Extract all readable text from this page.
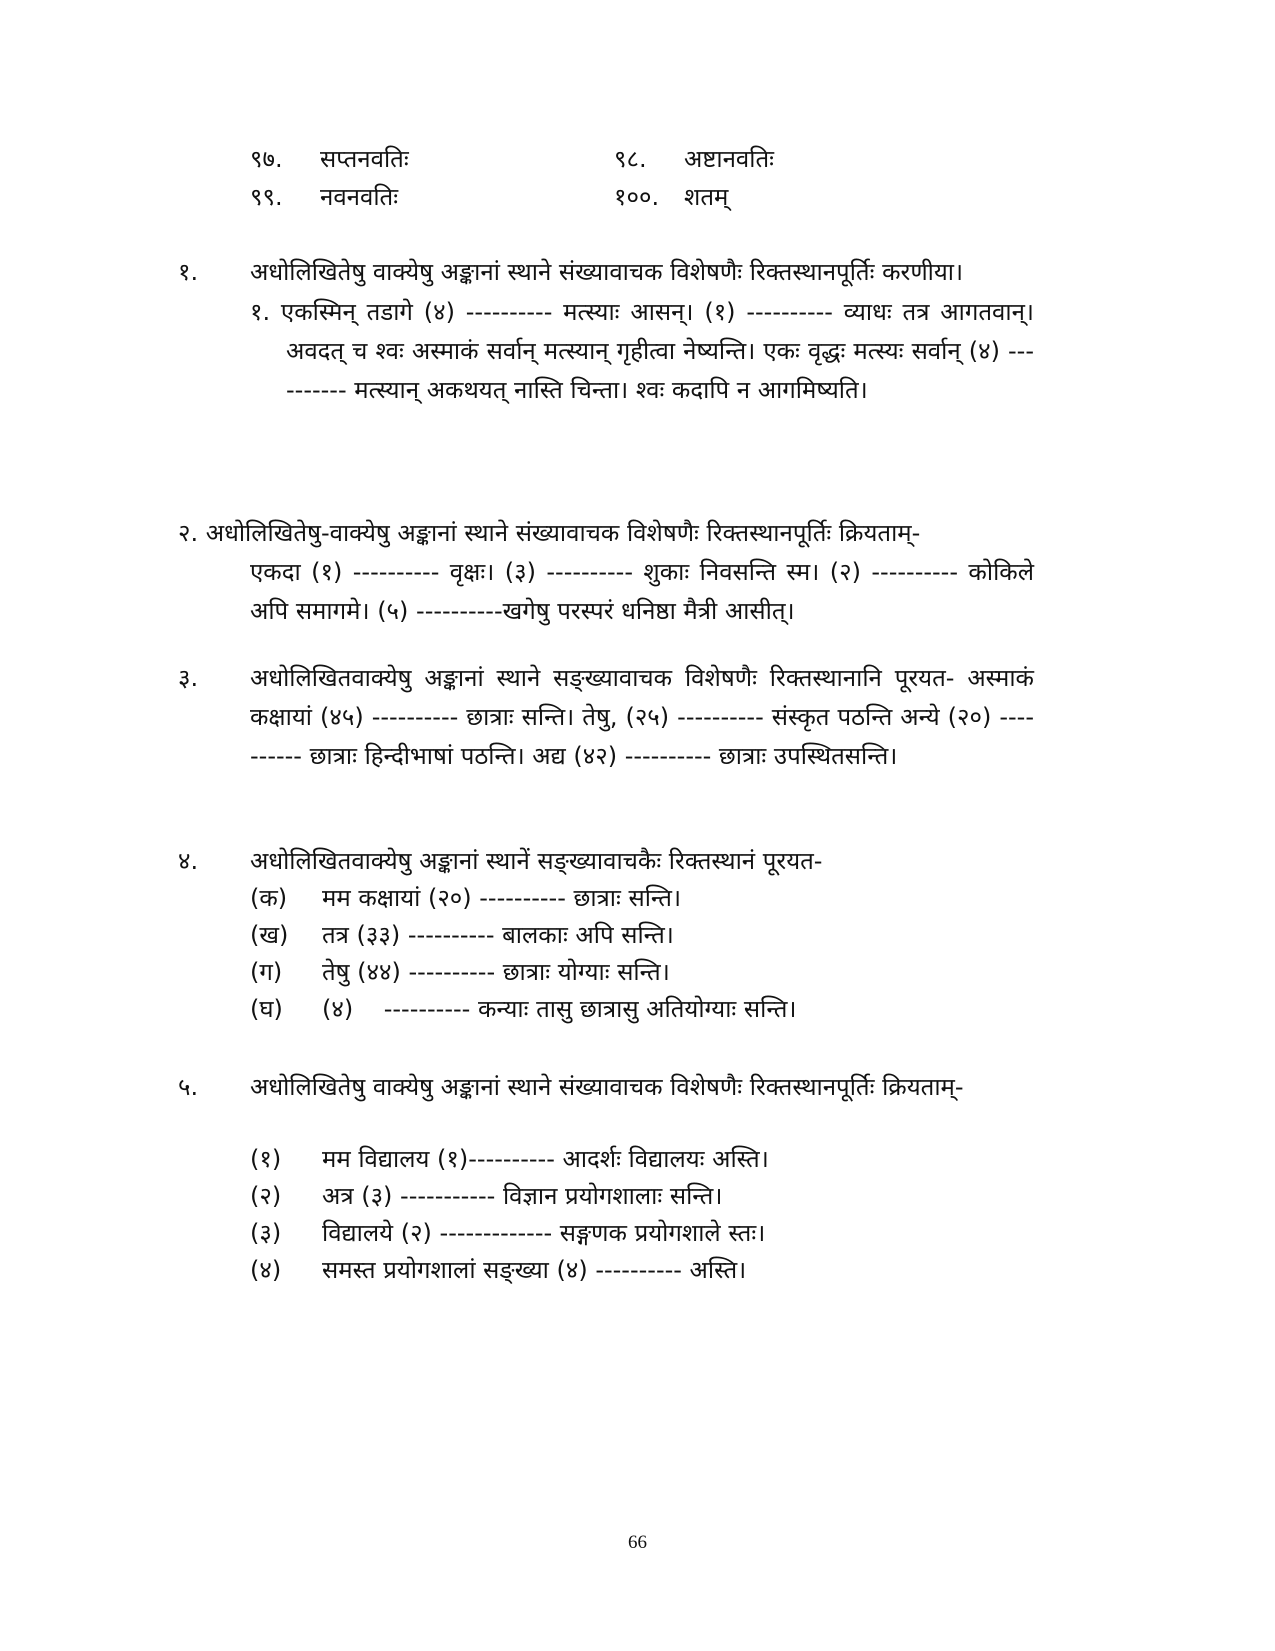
९७. सप्तनवतिः	९८. अष्टानवतिः
९९. नवनवतिः	१००. शतम्
१. अधोलिखितेषु वाक्येषु अङ्कानां स्थाने संख्यावाचक विशेषणैः रिक्तस्थानपूर्तिः करणीया।
१. एकस्मिन् तडागे (४) ---------- मत्स्याः आसन्। (१) ---------- व्याधः तत्र आगतवान्। अवदत् च श्वः अस्माकं सर्वान् मत्स्यान् गृहीत्वा नेष्यन्ति। एकः वृद्धः मत्स्यः सर्वान् (४) ---------- मत्स्यान् अकथयत् नास्ति चिन्ता। श्वः कदापि न आगमिष्यति।
२. अधोलिखितेषु-वाक्येषु अङ्कानां स्थाने संख्यावाचक विशेषणैः रिक्तस्थानपूर्तिः क्रियताम्-
एकदा (१) ---------- वृक्षः। (३) ---------- शुकाः निवसन्ति स्म। (२) ---------- कोकिले अपि समागमे। (५) ----------खगेषु परस्परं धनिष्ठा मैत्री आसीत्।
३. अधोलिखितवाक्येषु अङ्कानां स्थाने सङ्ख्यावाचक विशेषणैः रिक्तस्थानानि पूरयत- अस्माकं कक्षायां (४५) ---------- छात्राः सन्ति। तेषु, (२५) ---------- संस्कृत पठन्ति अन्ये (२०) ---------- छात्राः हिन्दीभाषां पठन्ति। अद्य (४२) ---------- छात्राः उपस्थितसन्ति।
४. अधोलिखितवाक्येषु अङ्कानां स्थानें सङ्ख्यावाचकैः रिक्तस्थानं पूरयत-
(क) मम कक्षायां (२०) ---------- छात्राः सन्ति।
(ख) तत्र (३३) ---------- बालकाः अपि सन्ति।
(ग) तेषु (४४) ---------- छात्राः योग्याः सन्ति।
(घ) (४)    ---------- कन्याः तासु छात्रासु अतियोग्याः सन्ति।
५. अधोलिखितेषु वाक्येषु अङ्कानां स्थाने संख्यावाचक विशेषणैः रिक्तस्थानपूर्तिः क्रियताम्-
(१) मम विद्यालय (१)---------- आदर्शः विद्यालयः अस्ति।
(२) अत्र (३) ----------- विज्ञान प्रयोगशालाः सन्ति।
(३) विद्यालये (२) ------------- सङ्गणक प्रयोगशाले स्तः।
(४) समस्त प्रयोगशालां सङ्ख्या (४) ---------- अस्ति।
66
